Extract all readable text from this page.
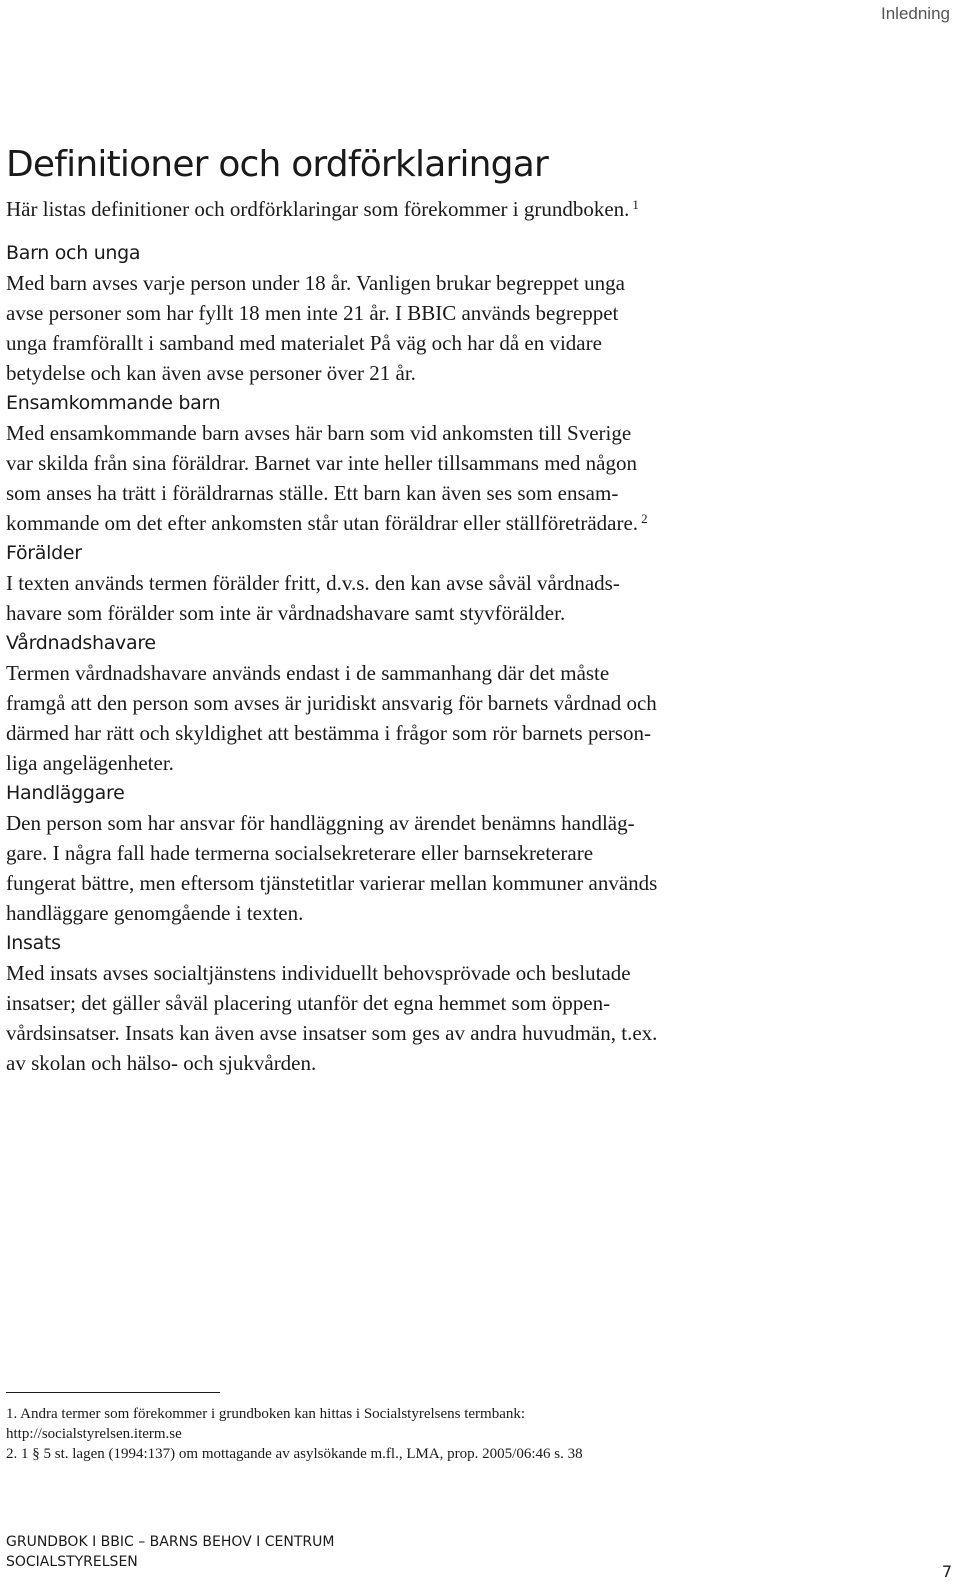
Inledning
Definitioner och ordförklaringar
Här listas definitioner och ordförklaringar som förekommer i grundboken. $^1$
Barn och unga

Med barn avses varje person under 18 år. Vanligen brukar begreppet unga
avse personer som har fyllt 18 men inte 21 år. I BBIC används begreppet
unga framförallt i samband med materialet På väg och har då en vidare
betydelse och kan även avse personer över 21 år.

Ensamkommande barn

Med ensamkommande barn avses här barn som vid ankomsten till Sverige
var skilda från sina föräldrar. Barnet var inte heller tillsammans med någon
som anses ha trätt i föräldrarnas ställe. Ett barn kan även ses som ensam-
kommande om det efter ankomsten står utan föräldrar eller ställföreträdare. $^2$

Förälder

I texten används termen förälder fritt, d.v.s. den kan avse såväl vårdnads-
havare som förälder som inte är vårdnadshavare samt styvförälder.

Vårdnadshavare

Termen vårdnadshavare används endast i de sammanhang där det måste
framgå att den person som avses är juridiskt ansvarig för barnets vårdnad och
därmed har rätt och skyldighet att bestämma i frågor som rör barnets person-
liga angelägenheter.

Handläggare

Den person som har ansvar för handläggning av ärendet benämns handläg-
gare. I några fall hade termerna socialsekreterare eller barnsekreterare
fungerat bättre, men eftersom tjänstetitlar varierar mellan kommuner används
handläggare genomgående i texten.

Insats

Med insats avses socialtjänstens individuellt behovsprövade och beslutade
insatser; det gäller såväl placering utanför det egna hemmet som öppen-
vårdsinsatser. Insats kan även avse insatser som ges av andra huvudmän, t.ex.
av skolan och hälso- och sjukvården.

1. Andra termer som förekommer i grundboken kan hittas i Socialstyrelsens termbank:
http://socialstyrelsen.iterm.se
2. 1 § 5 st. lagen (1994:137) om mottagande av asylsökande m.fl., LMA, prop. 2005/06:46 s. 38
GRUNDBOK I BBIC – BARNS BEHOV I CENTRUM
SOCIALSTYRELSEN	7
